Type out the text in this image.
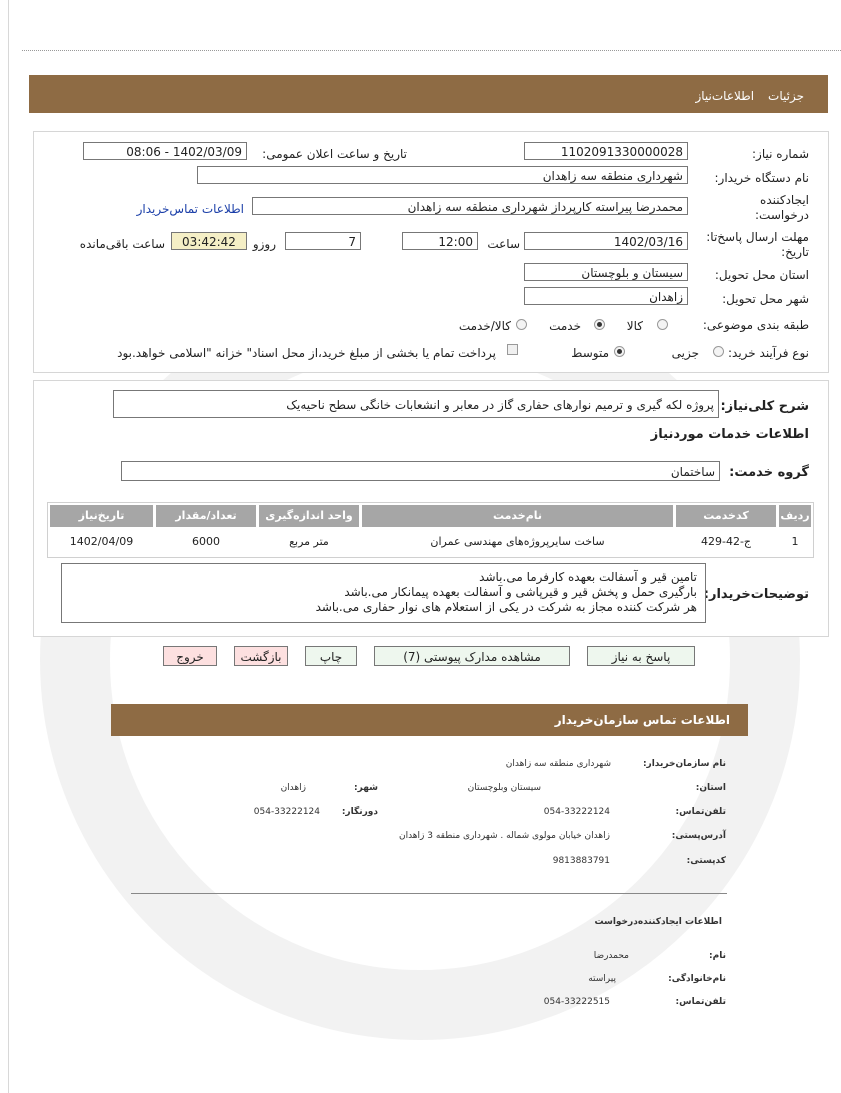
جزئیات
اطلاعات‌نیاز
شماره نیاز:
1102091330000028
تاریخ و ساعت اعلان عمومی:
1402/03/09 - 08:06
نام دستگاه خریدار:
شهرداری منطقه سه زاهدان
ایجادکننده
درخواست:
محمدرضا پیراسته کارپرداز شهرداری منطقه سه زاهدان
اطلاعات تماس‌خریدار
مهلت ارسال پاسخ‌تا:
تاریخ:
1402/03/16
ساعت
12:00
7
روزو
03:42:42
ساعت باقی‌مانده
استان محل تحویل:
سیستان و بلوچستان
شهر محل تحویل:
زاهدان
طبقه بندی موضوعی:
کالا
خدمت
کالا/خدمت
نوع فرآیند خرید:
جزیی
متوسط
پرداخت تمام یا بخشی از مبلغ خرید،از محل اسناد" خزانه "اسلامی خواهد.بود
شرح کلی‌نیاز:
پروژه لکه گیری و ترمیم نوارهای حفاری گاز در معابر و انشعابات خانگی سطح ناحیه‌یک
اطلاعات خدمات موردنیاز
گروه خدمت:
ساختمان
ردیف
کدخدمت
نام‌خدمت
واحد اندازه‌گیری
تعداد/مقدار
تاریخ‌نیاز
1
ج-42-429
ساخت سایرپروژه‌های مهندسی عمران
متر مربع
6000
1402/04/09
توضیحات‌خریدار:
تامین قیر و آسفالت بعهده کارفرما می.باشد
بارگیری حمل و پخش قیر و قیرپاشی و آسفالت بعهده پیمانکار می.باشد
هر شرکت کننده مجاز به شرکت در یکی از استعلام های نوار حفاری می.باشد
پاسخ به نیاز
مشاهده مدارک پیوستی (7)
چاپ
بازگشت
خروج
اطلاعات تماس سازمان‌خریدار
نام سازمان‌خریدار:
شهرداری منطقه سه زاهدان
استان:
سیستان وبلوچستان
شهر:
زاهدان
تلفن‌تماس:
054-33222124
دورنگار:
054-33222124
آدرس‌پستی:
زاهدان خیابان مولوی شماله . شهرداری منطقه 3 زاهدان
کدپستی:
9813883791
اطلاعات ایجادکننده‌درخواست
نام:
محمدرضا
نام‌خانوادگی:
پیراسته
تلفن‌تماس:
054-33222515
